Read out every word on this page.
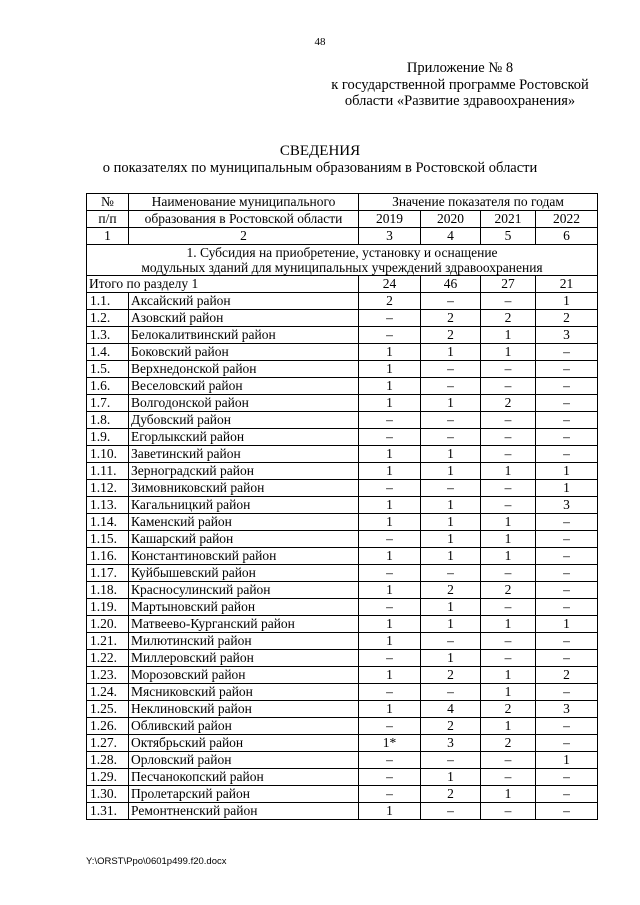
48
Приложение № 8
к государственной программе Ростовской
области «Развитие здравоохранения»
СВЕДЕНИЯ
о показателях по муниципальным образованиям в Ростовской области
№	Наименование муниципального	Значение показателя по годам			
п/п	образования в Ростовской области	2019	2020	2021	2022
1	2	3	4	5	6

1. Субсидия на приобретение, установку и оснащение
модульных зданий для муниципальных учреждений здравоохранения					

Итого по разделу 1		24	46	27	21
1.1.	Аксайский район	2	–	–	1
1.2.	Азовский район	–	2	2	2
1.3.	Белокалитвинский район	–	2	1	3
1.4.	Боковский район	1	1	1	–
1.5.	Верхнедонской район	1	–	–	–
1.6.	Веселовский район	1	–	–	–
1.7.	Волгодонской район	1	1	2	–
1.8.	Дубовский район	–	–	–	–
1.9.	Егорлыкский район	–	–	–	–
1.10.	Заветинский район	1	1	–	–
1.11.	Зерноградский район	1	1	1	1
1.12.	Зимовниковский район	–	–	–	1
1.13.	Кагальницкий район	1	1	–	3
1.14.	Каменский район	1	1	1	–
1.15.	Кашарский район	–	1	1	–
1.16.	Константиновский район	1	1	1	–
1.17.	Куйбышевский район	–	–	–	–
1.18.	Красносулинский район	1	2	2	–
1.19.	Мартыновский район	–	1	–	–
1.20.	Матвеево-Курганский район	1	1	1	1
1.21.	Милютинский район	1	–	–	–
1.22.	Миллеровский район	–	1	–	–
1.23.	Морозовский район	1	2	1	2
1.24.	Мясниковский район	–	–	1	–
1.25.	Неклиновский район	1	4	2	3
1.26.	Обливский район	–	2	1	–
1.27.	Октябрьский район	1*	3	2	–
1.28.	Орловский район	–	–	–	1
1.29.	Песчанокопский район	–	1	–	–
1.30.	Пролетарский район	–	2	1	–
1.31.	Ремонтненский район	1	–	–	–
Y:\ORST\Ppo\0601p499.f20.docx
